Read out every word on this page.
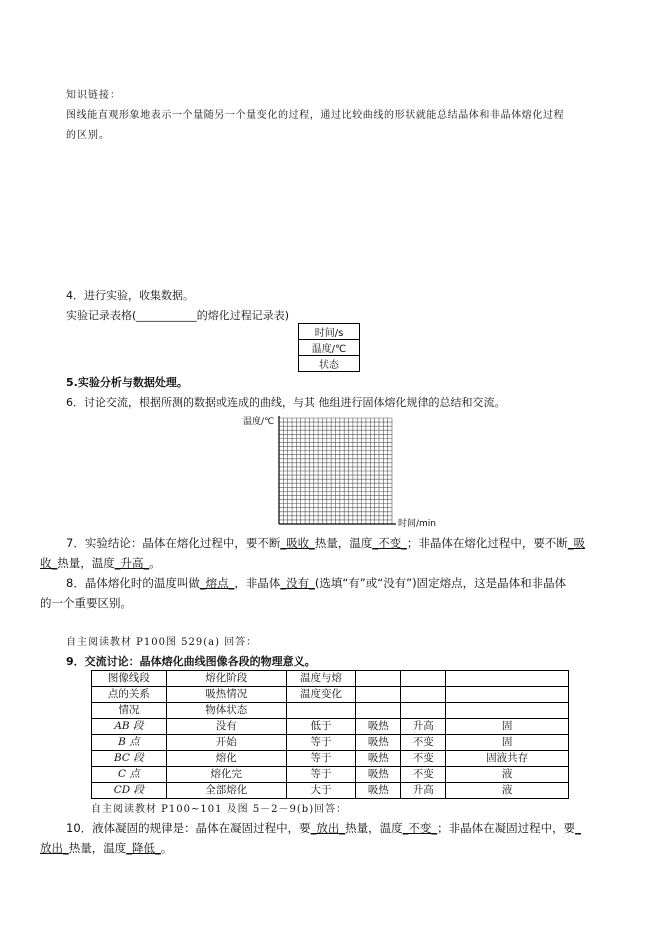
知识链接：
图线能直观形象地表示一个量随另一个量变化的过程，通过比较曲线的形状就能总结晶体和非晶体熔化过程
的区别。
4．进行实验，收集数据。
实验记录表格(___________的熔化过程记录表)
时间/s
温度/℃
状态
5.实验分析与数据处理。
6．讨论交流，根据所测的数据或连成的曲线，与其 他组进行固体熔化规律的总结和交流。
温度/℃
时间/min
7．实验结论：晶体在熔化过程中，要不断_吸收_热量，温度_不变_；非晶体在熔化过程中，要不断_吸
收_热量，温度_升高_。
8．晶体熔化时的温度叫做_熔点_，非晶体_没有_(选填“有”或“没有”)固定熔点，这是晶体和非晶体
的一个重要区别。
自主阅读教材 P100图 529(a) 回答：
9．交流讨论：晶体熔化曲线图像各段的物理意义。
图像线段	熔化阶段	温度与熔			
点的关系	吸热情况	温度变化			
情况	物体状态				
AB 段	没有	低于	吸热	升高	固
B 点	开始	等于	吸热	不变	固
BC 段	熔化	等于	吸热	不变	固液共存
C 点	熔化完	等于	吸热	不变	液
CD 段	全部熔化	大于	吸热	升高	液
自主阅读教材 P100~101 及图 5－2－9(b)回答：
10．液体凝固的规律是：晶体在凝固过程中，要_放出_热量，温度_不变_；非晶体在凝固过程中，要_
放出_热量，温度_降低_。
